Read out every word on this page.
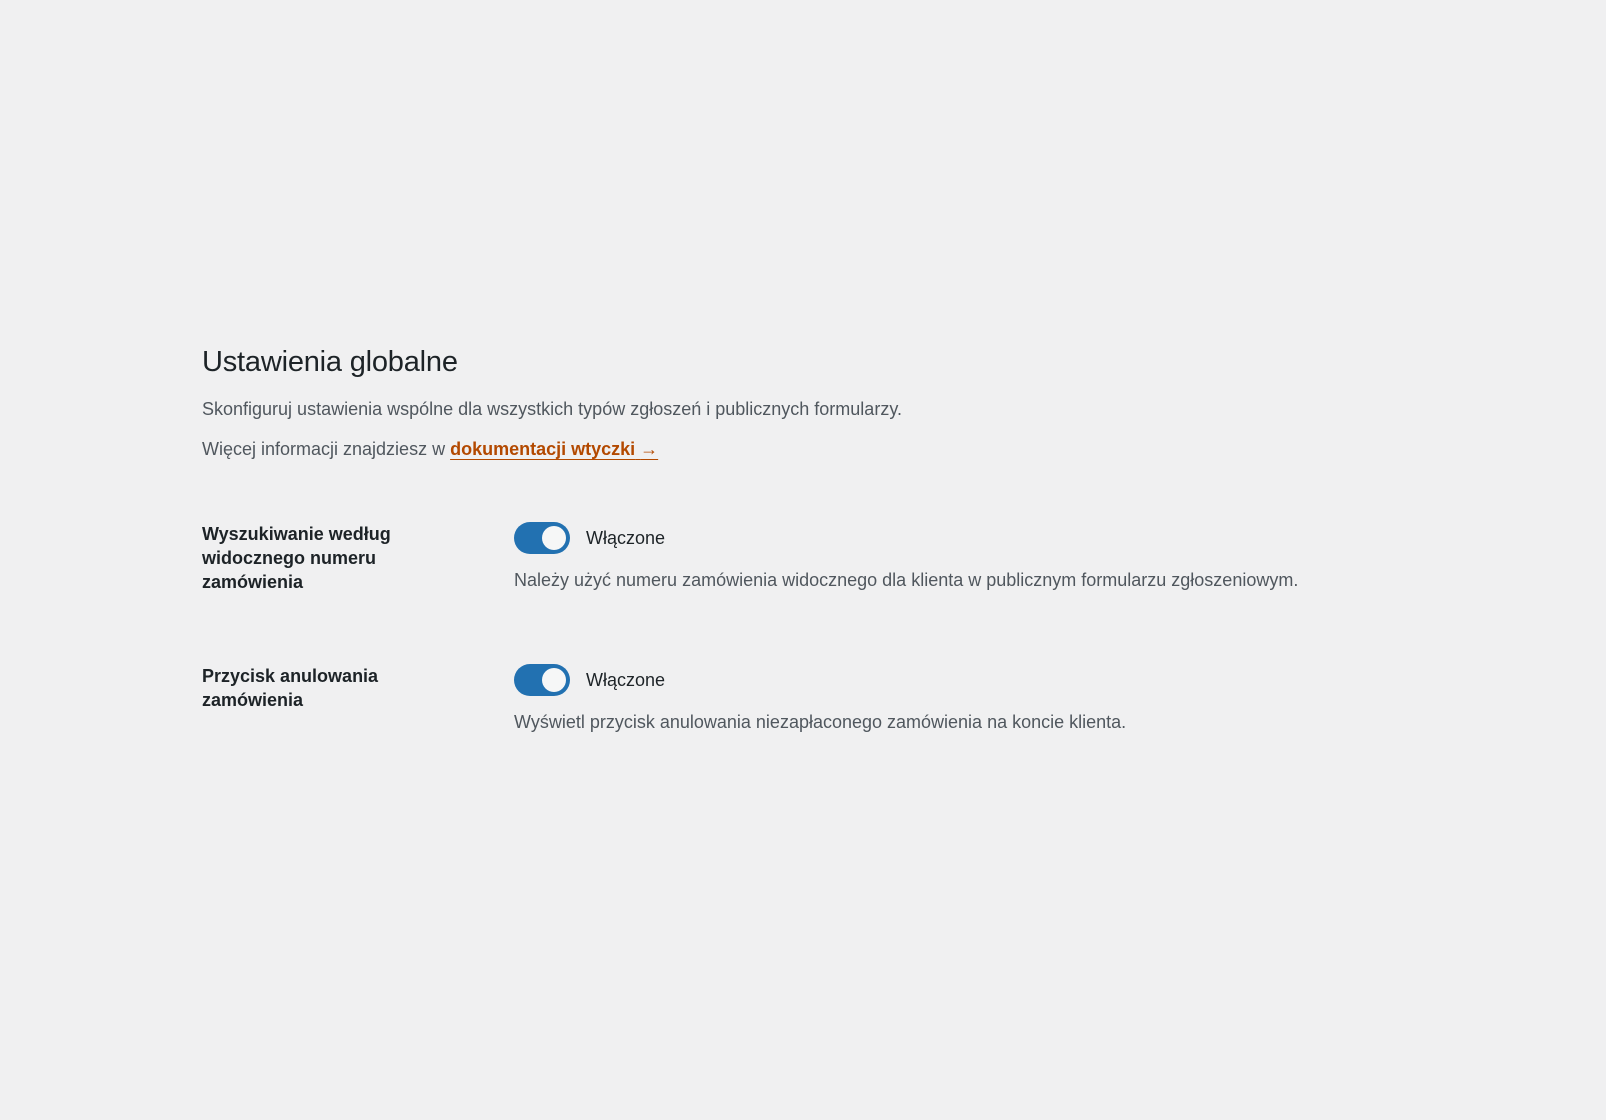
Ustawienia globalne

Skonfiguruj ustawienia wspólne dla wszystkich typów zgłoszeń i publicznych formularzy.

Więcej informacji znajdziesz w dokumentacji wtyczki →

Wyszukiwanie według widocznego numeru zamówienia
Włączone

Należy użyć numeru zamówienia widocznego dla klienta w publicznym formularzu zgłoszeniowym.

Przycisk anulowania zamówienia
Włączone

Wyświetl przycisk anulowania niezapłaconego zamówienia na koncie klienta.
